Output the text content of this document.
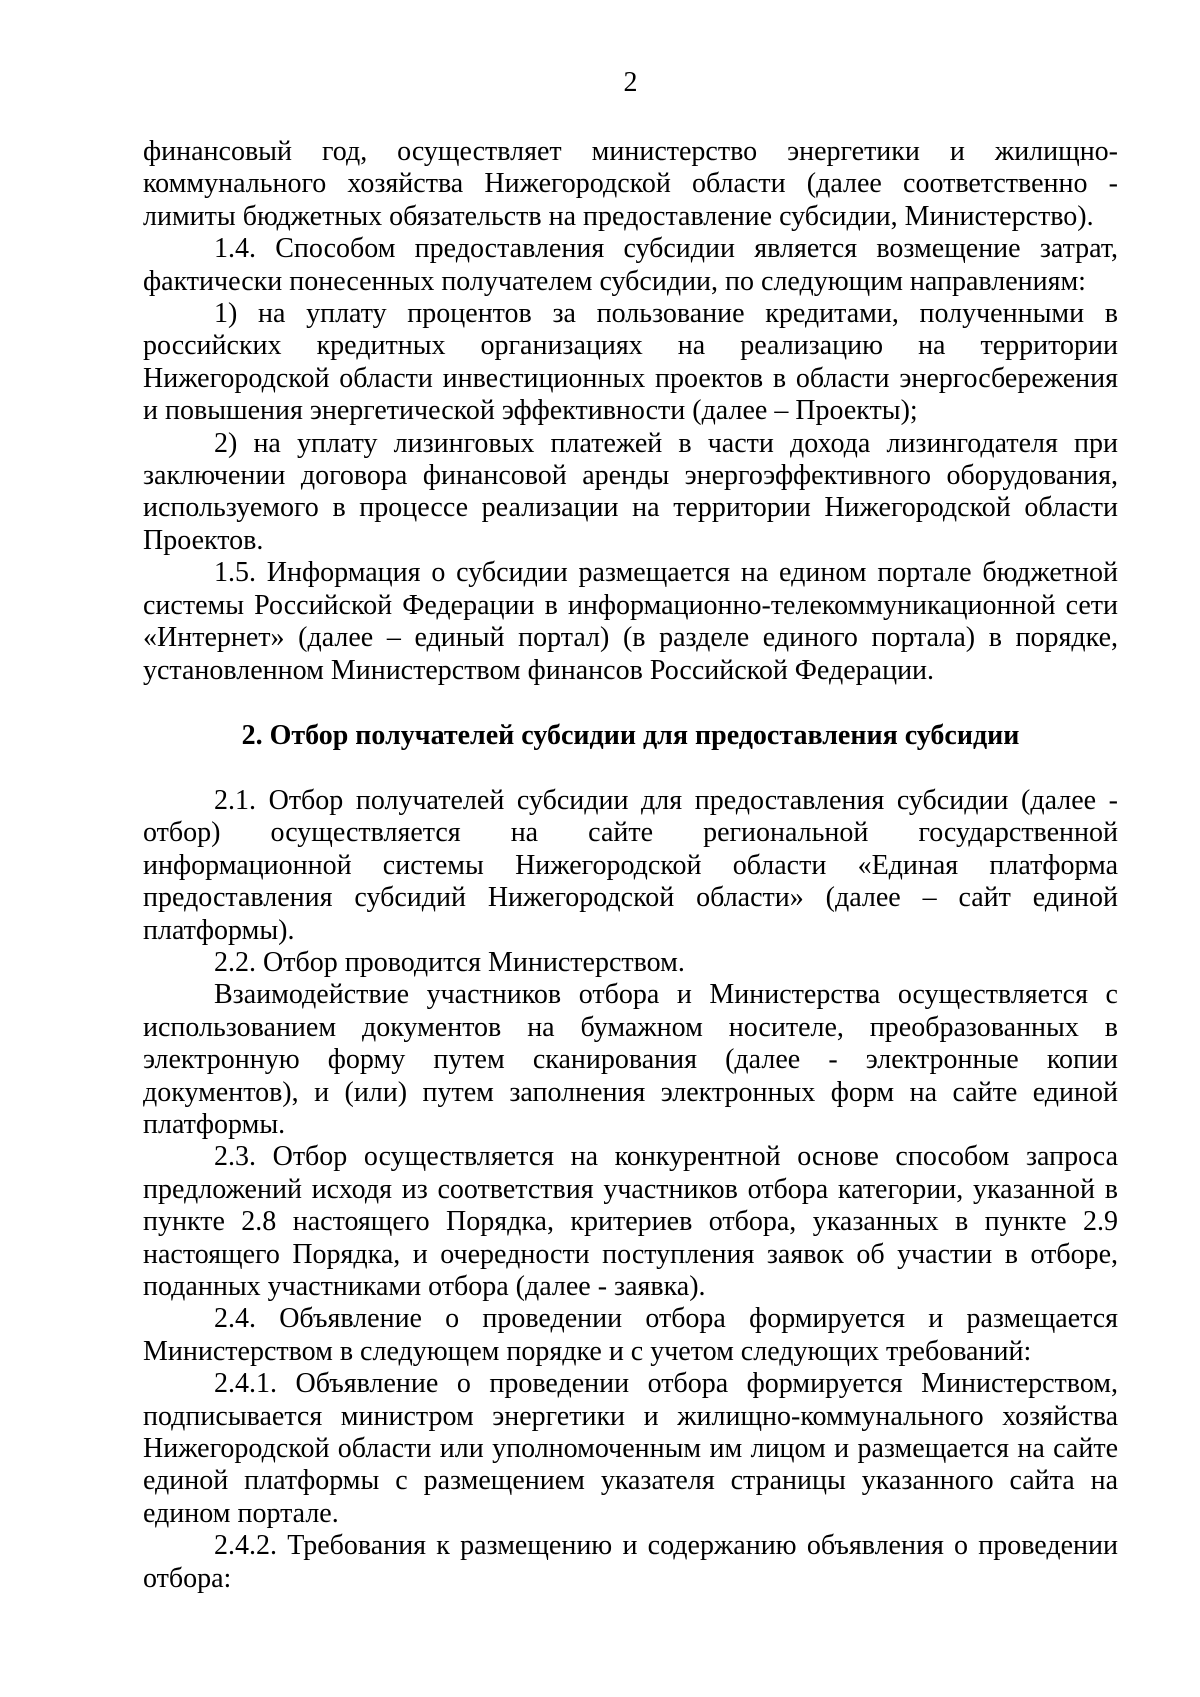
2

финансовый год, осуществляет министерство энергетики и жилищно-коммунального хозяйства Нижегородской области (далее соответственно - лимиты бюджетных обязательств на предоставление субсидии, Министерство).

1.4. Способом предоставления субсидии является возмещение затрат, фактически понесенных получателем субсидии, по следующим направлениям:

1) на уплату процентов за пользование кредитами, полученными в российских кредитных организациях на реализацию на территории Нижегородской области инвестиционных проектов в области энергосбережения и повышения энергетической эффективности (далее – Проекты);

2) на уплату лизинговых платежей в части дохода лизингодателя при заключении договора финансовой аренды энергоэффективного оборудования, используемого в процессе реализации на территории Нижегородской области Проектов.

1.5. Информация о субсидии размещается на едином портале бюджетной системы Российской Федерации в информационно-телекоммуникационной сети «Интернет» (далее – единый портал) (в разделе единого портала) в порядке, установленном Министерством финансов Российской Федерации.

2. Отбор получателей субсидии для предоставления субсидии

2.1. Отбор получателей субсидии для предоставления субсидии (далее - отбор) осуществляется на сайте региональной государственной информационной системы Нижегородской области «Единая платформа предоставления субсидий Нижегородской области» (далее – сайт единой платформы).

2.2. Отбор проводится Министерством.

Взаимодействие участников отбора и Министерства осуществляется с использованием документов на бумажном носителе, преобразованных в электронную форму путем сканирования (далее - электронные копии документов), и (или) путем заполнения электронных форм на сайте единой платформы.

2.3. Отбор осуществляется на конкурентной основе способом запроса предложений исходя из соответствия участников отбора категории, указанной в пункте 2.8 настоящего Порядка, критериев отбора, указанных в пункте 2.9 настоящего Порядка, и очередности поступления заявок об участии в отборе, поданных участниками отбора (далее - заявка).

2.4. Объявление о проведении отбора формируется и размещается Министерством в следующем порядке и с учетом следующих требований:

2.4.1. Объявление о проведении отбора формируется Министерством, подписывается министром энергетики и жилищно-коммунального хозяйства Нижегородской области или уполномоченным им лицом и размещается на сайте единой платформы с размещением указателя страницы указанного сайта на едином портале.

2.4.2. Требования к размещению и содержанию объявления о проведении отбора:
